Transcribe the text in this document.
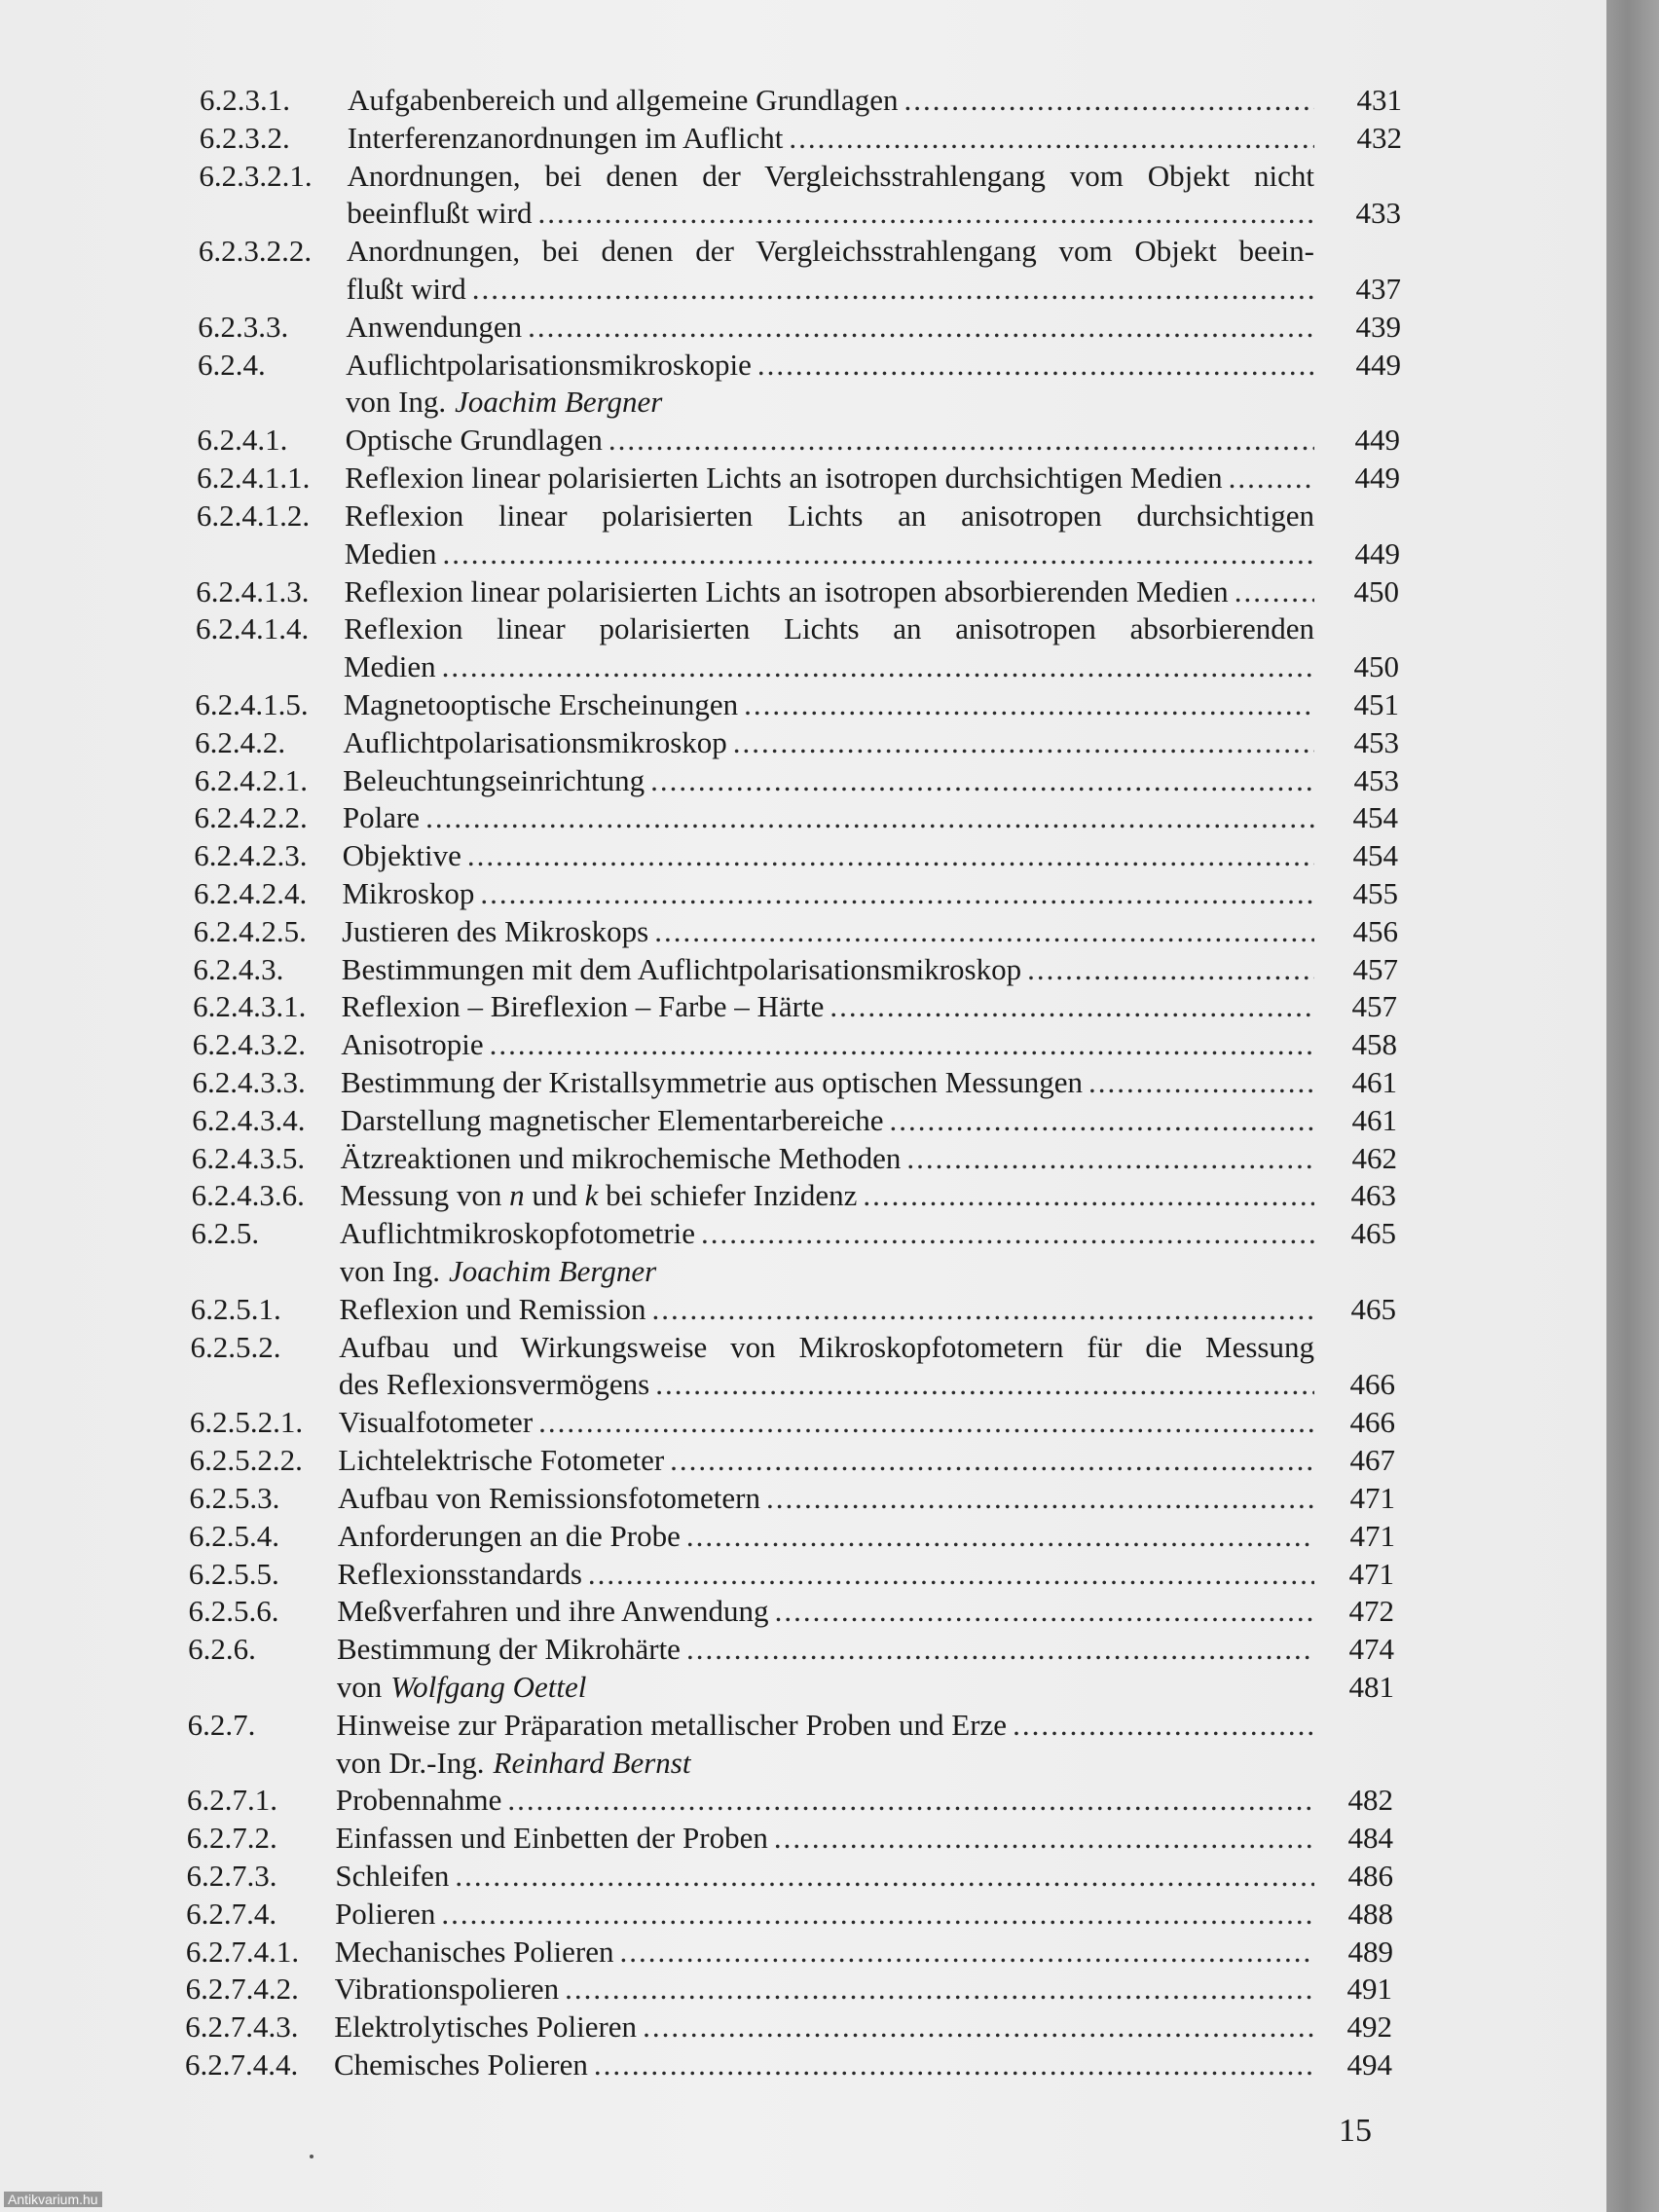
6.2.3.1. Aufgabenbereich und allgemeine Grundlagen .....	431
6.2.3.2. Interferenzanordnungen im Auflicht .....	432
6.2.3.2.1. Anordnungen, bei denen der Vergleichsstrahlengang vom Objekt nicht
beeinflußt wird .....	433
6.2.3.2.2. Anordnungen, bei denen der Vergleichsstrahlengang vom Objekt beein-
flußt wird .....	437
6.2.3.3. Anwendungen .....	439
6.2.4.	Auflichtpolarisationsmikroskopie .....	449
von Ing. Joachim Bergner
6.2.4.1. Optische Grundlagen .....	449
6.2.4.1.1. Reflexion linear polarisierten Lichts an isotropen durchsichtigen Medien .....	449
6.2.4.1.2. Reflexion linear polarisierten Lichts an anisotropen durchsichtigen
Medien .....	449
6.2.4.1.3. Reflexion linear polarisierten Lichts an isotropen absorbierenden Medien .....	450
6.2.4.1.4. Reflexion linear polarisierten Lichts an anisotropen absorbierenden
Medien .....	450
6.2.4.1.5. Magnetooptische Erscheinungen .....	451
6.2.4.2. Auflichtpolarisationsmikroskop .....	453
6.2.4.2.1. Beleuchtungseinrichtung .....	453
6.2.4.2.2. Polare .....	454
6.2.4.2.3. Objektive .....	454
6.2.4.2.4. Mikroskop .....	455
6.2.4.2.5. Justieren des Mikroskops .....	456
6.2.4.3. Bestimmungen mit dem Auflichtpolarisationsmikroskop .....	457
6.2.4.3.1. Reflexion – Bireflexion – Farbe – Härte .....	457
6.2.4.3.2. Anisotropie .....	458
6.2.4.3.3. Bestimmung der Kristallsymmetrie aus optischen Messungen .....	461
6.2.4.3.4. Darstellung magnetischer Elementarbereiche .....	461
6.2.4.3.5. Ätzreaktionen und mikrochemische Methoden .....	462
6.2.4.3.6. Messung von n und k bei schiefer Inzidenz .....	463
6.2.5.	Auflichtmikroskopfotometrie .....	465
von Ing. Joachim Bergner
6.2.5.1. Reflexion und Remission .....	465
6.2.5.2. Aufbau und Wirkungsweise von Mikroskopfotometern für die Messung
des Reflexionsvermögens .....	466
6.2.5.2.1. Visualfotometer .....	466
6.2.5.2.2. Lichtelektrische Fotometer .....	467
6.2.5.3. Aufbau von Remissionsfotometern .....	471
6.2.5.4. Anforderungen an die Probe .....	471
6.2.5.5. Reflexionsstandards .....	471
6.2.5.6. Meßverfahren und ihre Anwendung .....	472
6.2.6.	Bestimmung der Mikrohärte .....	474
von Wolfgang Oettel	481
6.2.7.	Hinweise zur Präparation metallischer Proben und Erze
.....
von Dr.-Ing. Reinhard Bernst
6.2.7.1. Probennahme .....	482
6.2.7.2. Einfassen und Einbetten der Proben .....	484
6.2.7.3. Schleifen .....	486
6.2.7.4. Polieren .....	488
6.2.7.4.1. Mechanisches Polieren .....	489
6.2.7.4.2. Vibrationspolieren .....	491
6.2.7.4.3. Elektrolytisches Polieren .....	492
6.2.7.4.4. Chemisches Polieren .....	494
15
Antikvarium.hu
